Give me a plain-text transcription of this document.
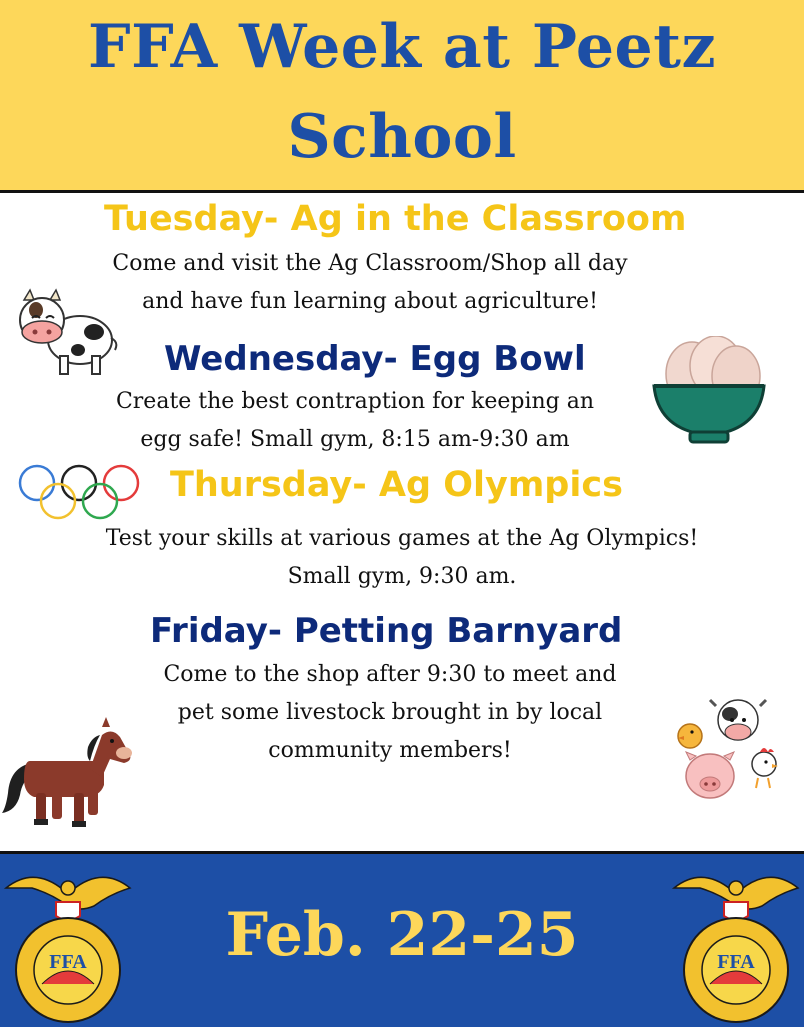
FFA Week at Peetz
School
Tuesday- Ag in the Classroom
Come and visit the Ag Classroom/Shop all day
and have fun learning about agriculture!
Wednesday- Egg Bowl
Create the best contraption for keeping an
egg safe! Small gym, 8:15 am-9:30 am
Thursday- Ag Olympics
Test your skills at various games at the Ag Olympics!
Small gym, 9:30 am.
Friday- Petting Barnyard
Come to the shop after 9:30 to meet and
pet some livestock brought in by local
community members!
Feb. 22-25
FFA	FFA
